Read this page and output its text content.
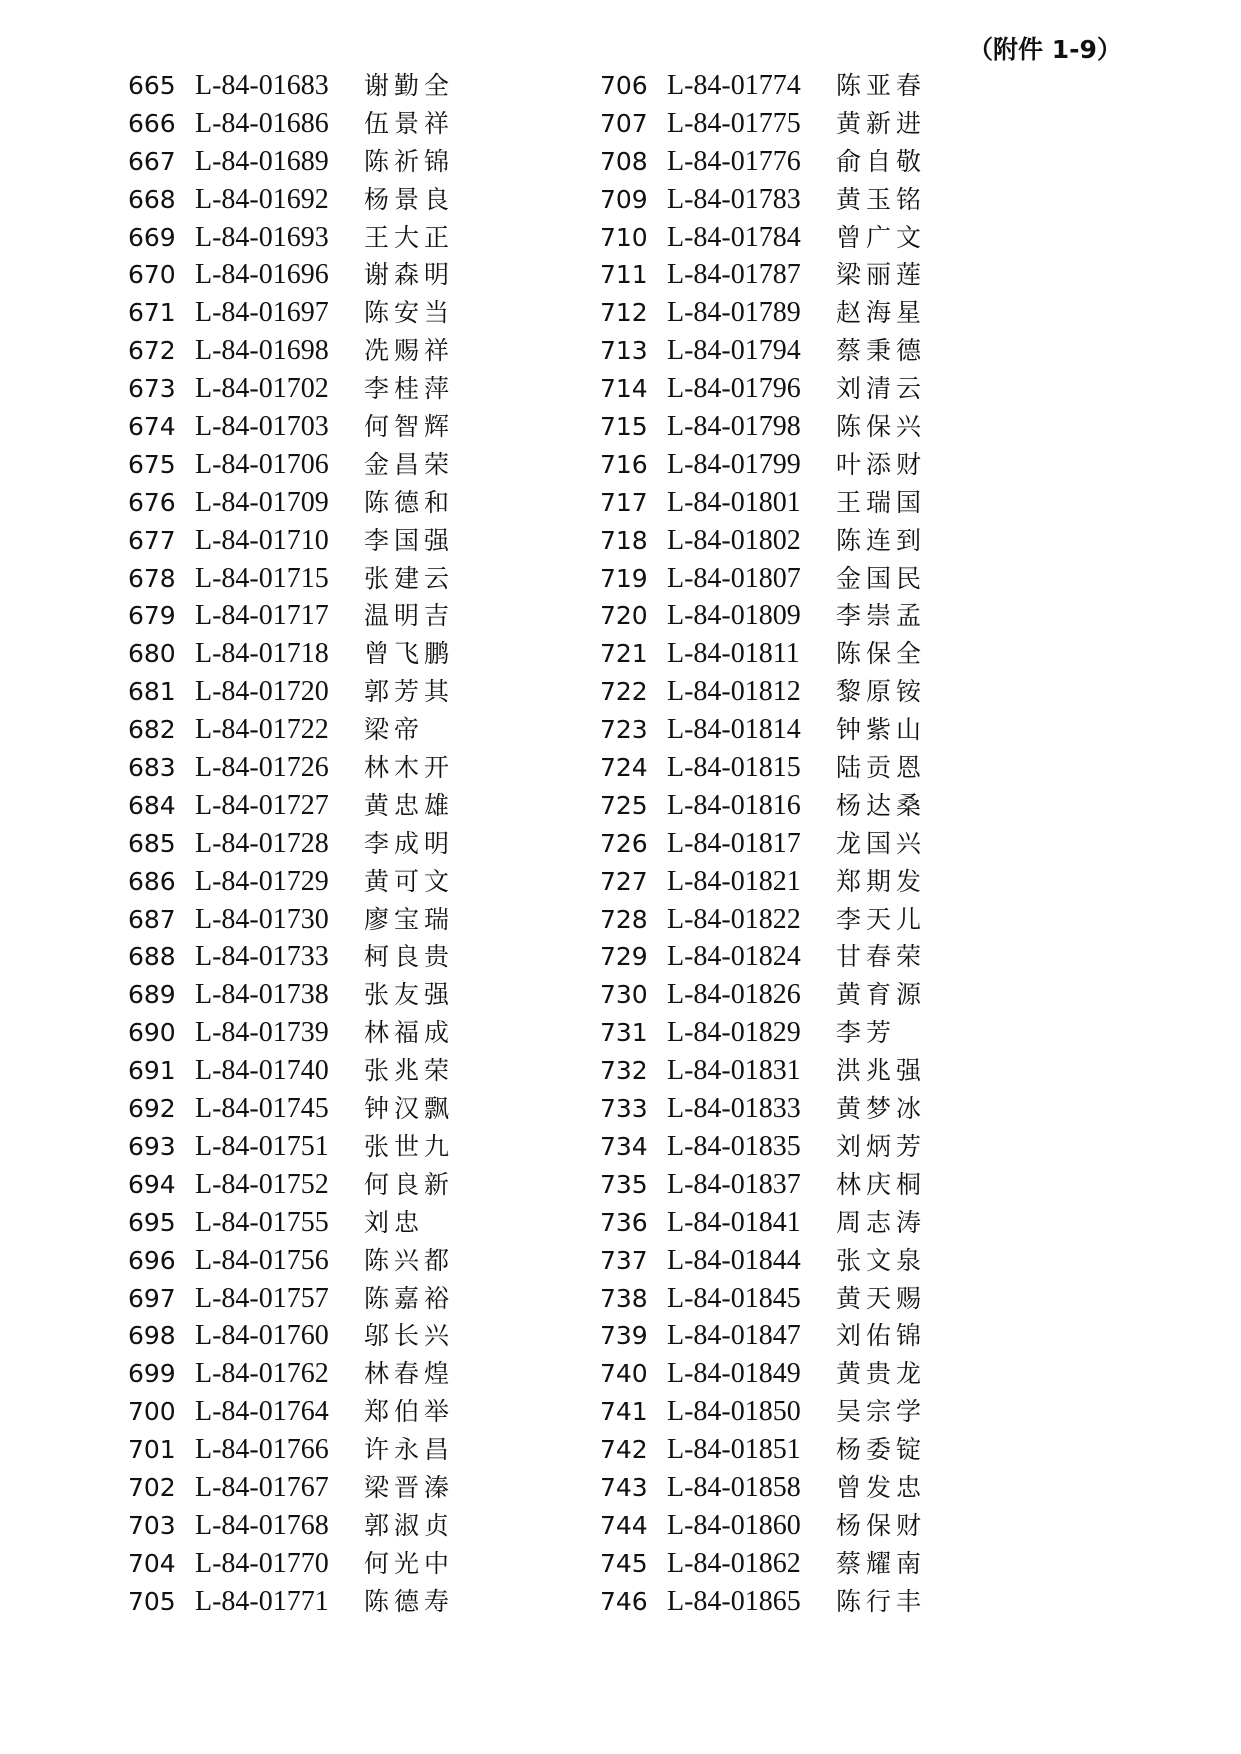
（附件 1-9）
665 L-84-01683 谢勤全
666 L-84-01686 伍景祥
667 L-84-01689 陈祈锦
668 L-84-01692 杨景良
669 L-84-01693 王大正
670 L-84-01696 谢森明
671 L-84-01697 陈安当
672 L-84-01698 冼赐祥
673 L-84-01702 李桂萍
674 L-84-01703 何智辉
675 L-84-01706 金昌荣
676 L-84-01709 陈德和
677 L-84-01710 李国强
678 L-84-01715 张建云
679 L-84-01717 温明吉
680 L-84-01718 曾飞鹏
681 L-84-01720 郭芳其
682 L-84-01722 梁帝
683 L-84-01726 林木开
684 L-84-01727 黄忠雄
685 L-84-01728 李成明
686 L-84-01729 黄可文
687 L-84-01730 廖宝瑞
688 L-84-01733 柯良贵
689 L-84-01738 张友强
690 L-84-01739 林福成
691 L-84-01740 张兆荣
692 L-84-01745 钟汉飘
693 L-84-01751 张世九
694 L-84-01752 何良新
695 L-84-01755 刘忠
696 L-84-01756 陈兴都
697 L-84-01757 陈嘉裕
698 L-84-01760 邬长兴
699 L-84-01762 林春煌
700 L-84-01764 郑伯举
701 L-84-01766 许永昌
702 L-84-01767 梁晋溱
703 L-84-01768 郭淑贞
704 L-84-01770 何光中
705 L-84-01771 陈德寿
706 L-84-01774 陈亚春
707 L-84-01775 黄新进
708 L-84-01776 俞自敬
709 L-84-01783 黄玉铭
710 L-84-01784 曾广文
711 L-84-01787 梁丽莲
712 L-84-01789 赵海星
713 L-84-01794 蔡秉德
714 L-84-01796 刘清云
715 L-84-01798 陈保兴
716 L-84-01799 叶添财
717 L-84-01801 王瑞国
718 L-84-01802 陈连到
719 L-84-01807 金国民
720 L-84-01809 李崇孟
721 L-84-01811 陈保全
722 L-84-01812 黎原铵
723 L-84-01814 钟紫山
724 L-84-01815 陆贡恩
725 L-84-01816 杨达桑
726 L-84-01817 龙国兴
727 L-84-01821 郑期发
728 L-84-01822 李天儿
729 L-84-01824 甘春荣
730 L-84-01826 黄育源
731 L-84-01829 李芳
732 L-84-01831 洪兆强
733 L-84-01833 黄梦冰
734 L-84-01835 刘炳芳
735 L-84-01837 林庆桐
736 L-84-01841 周志涛
737 L-84-01844 张文泉
738 L-84-01845 黄天赐
739 L-84-01847 刘佑锦
740 L-84-01849 黄贵龙
741 L-84-01850 吴宗学
742 L-84-01851 杨委锭
743 L-84-01858 曾发忠
744 L-84-01860 杨保财
745 L-84-01862 蔡耀南
746 L-84-01865 陈行丰
